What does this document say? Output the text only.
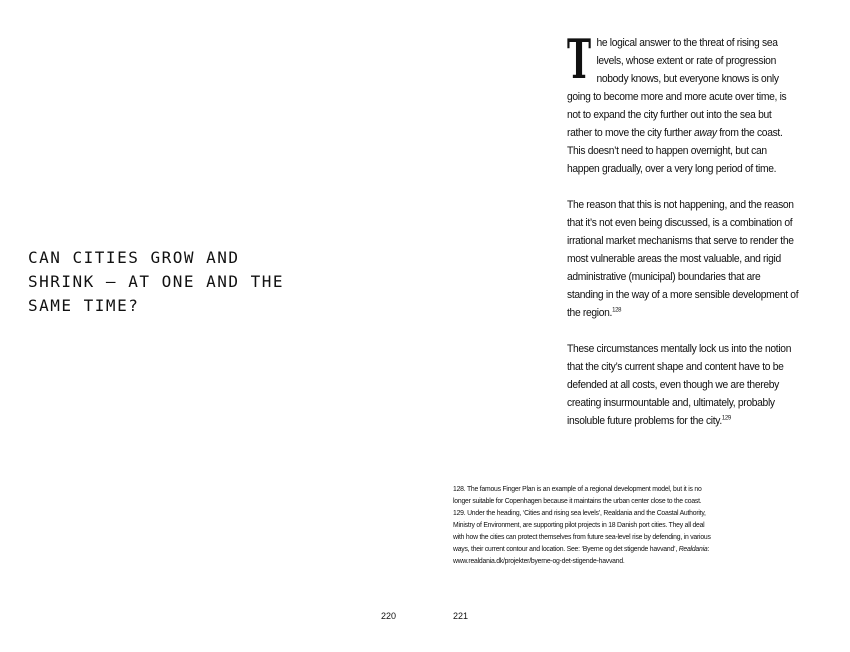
CAN CITIES GROW AND
SHRINK – AT ONE AND THE
SAME TIME?

The logical answer to the threat of rising sea levels, whose extent or rate of progression nobody knows, but everyone knows is only going to become more and more acute over time, is not to expand the city further out into the sea but rather to move the city further away from the coast. This doesn’t need to happen overnight, but can happen gradually, over a very long period of time.

The reason that this is not happening, and the reason that it’s not even being discussed, is a combination of irrational market mechanisms that serve to render the most vulnerable areas the most valuable, and rigid administrative (municipal) boundaries that are standing in the way of a more sensible development of the region.$^{128}$

These circumstances mentally lock us into the notion that the city’s current shape and content have to be defended at all costs, even though we are thereby creating insurmountable and, ultimately, probably insoluble future problems for the city.$^{129}$

128. The famous Finger Plan is an example of a regional development model, but it is no longer suitable for Copenhagen because it maintains the urban center close to the coast.

129. Under the heading, ‘Cities and rising sea levels’, Realdania and the Coastal Authority, Ministry of Environment, are supporting pilot projects in 18 Danish port cities. They all deal with how the cities can protect themselves from future sea-level rise by defending, in various ways, their current contour and location. See: ‘Byerne og det stigende havvand’, Realdania: www.realdania.dk/projekter/byerne-og-det-stigende-havvand.

220	221
